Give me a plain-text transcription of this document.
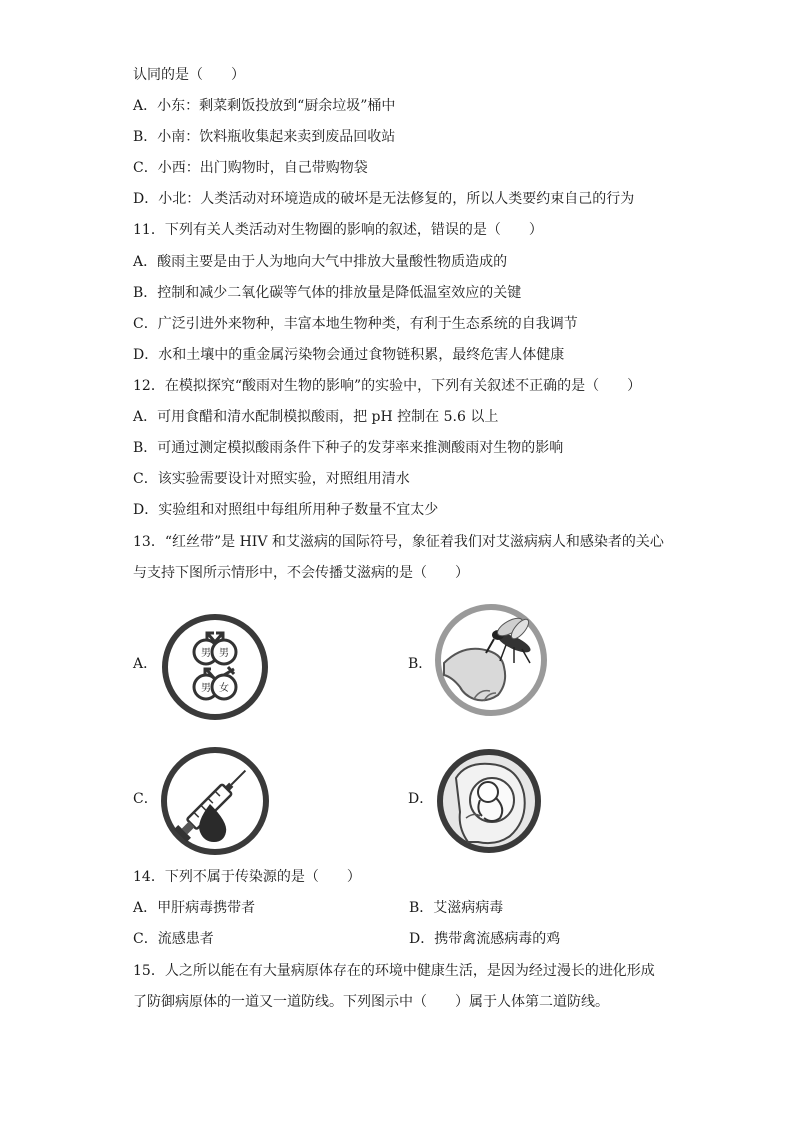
认同的是（　　）
A．小东：剩菜剩饭投放到“厨余垃圾”桶中
B．小南：饮料瓶收集起来卖到废品回收站
C．小西：出门购物时，自己带购物袋
D．小北：人类活动对环境造成的破坏是无法修复的，所以人类要约束自己的行为
11．下列有关人类活动对生物圈的影响的叙述，错误的是（　　）
A．酸雨主要是由于人为地向大气中排放大量酸性物质造成的
B．控制和减少二氧化碳等气体的排放量是降低温室效应的关键
C．广泛引进外来物种，丰富本地生物种类，有利于生态系统的自我调节
D．水和土壤中的重金属污染物会通过食物链积累，最终危害人体健康
12．在模拟探究“酸雨对生物的影响”的实验中，下列有关叙述不正确的是（　　）
A．可用食醋和清水配制模拟酸雨，把 pH 控制在 5.6 以上
B．可通过测定模拟酸雨条件下种子的发芽率来推测酸雨对生物的影响
C．该实验需要设计对照实验，对照组用清水
D．实验组和对照组中每组所用种子数量不宜太少
13．“红丝带”是 HIV 和艾滋病的国际符号，象征着我们对艾滋病病人和感染者的关心
与支持下图所示情形中，不会传播艾滋病的是（　　）
A．
男 男
男 女
B．
C．	D．
14．下列不属于传染源的是（　　）
A．甲肝病毒携带者	B．艾滋病病毒
C．流感患者	D．携带禽流感病毒的鸡
15．人之所以能在有大量病原体存在的环境中健康生活，是因为经过漫长的进化形成
了防御病原体的一道又一道防线。下列图示中（　　）属于人体第二道防线。
